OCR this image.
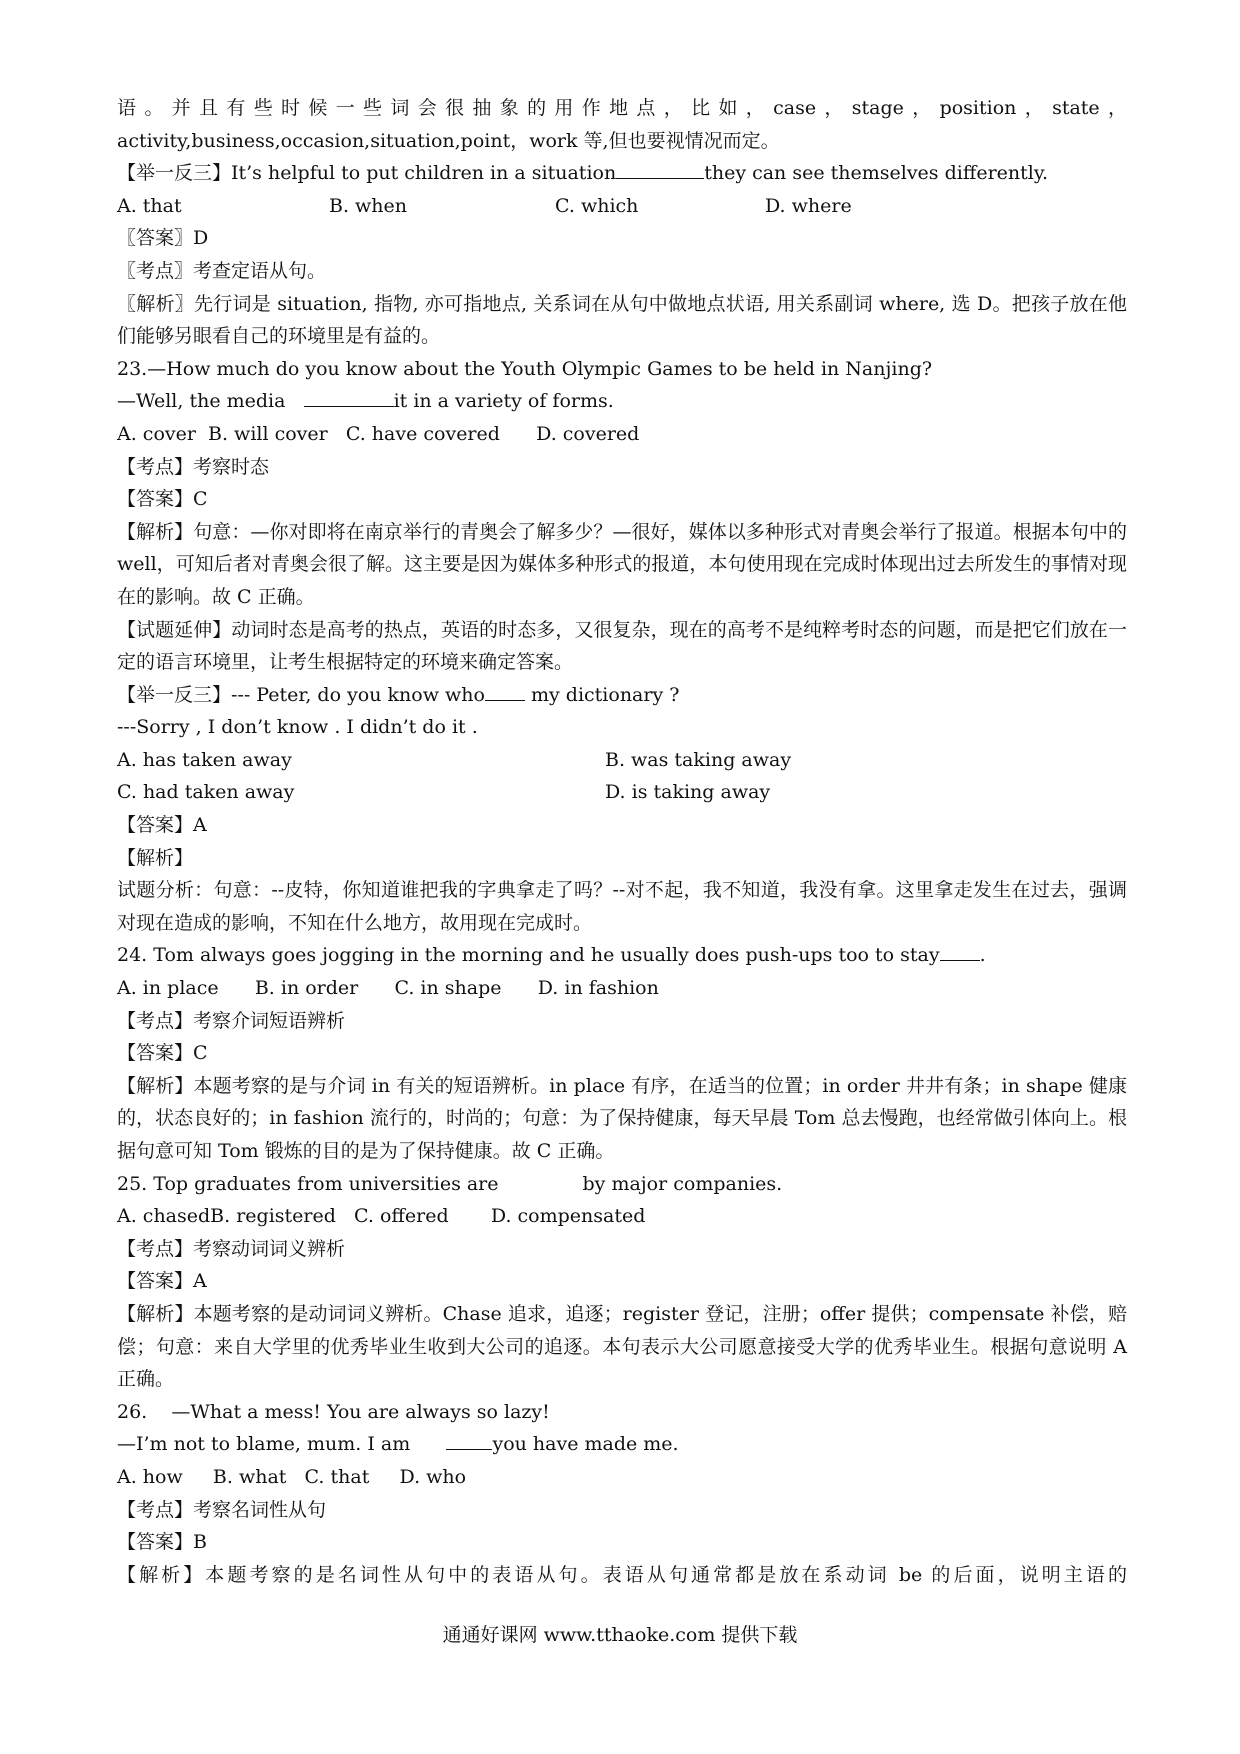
语。并且有些时候一些词会很抽象的用作地点，比如，case，stage，position，state，
activity,business,occasion,situation,point，work 等,但也要视情况而定。
【举一反三】It’s helpful to put children in a situation	they can see themselves differently.
A. that	B. when	C. which	D. where
〖答案〗D
〖考点〗考查定语从句。
〖解析〗先行词是 situation, 指物, 亦可指地点, 关系词在从句中做地点状语, 用关系副词 where, 选 D。把孩子放在他们能够另眼看自己的环境里是有益的。
23.—How much do you know about the Youth Olympic Games to be held in Nanjing?
—Well, the media	it in a variety of forms.
A. cover  B. will cover   C. have covered      D. covered
【考点】考察时态
【答案】C
【解析】句意：—你对即将在南京举行的青奥会了解多少？—很好，媒体以多种形式对青奥会举行了报道。根据本句中的 well，可知后者对青奥会很了解。这主要是因为媒体多种形式的报道，本句使用现在完成时体现出过去所发生的事情对现在的影响。故 C 正确。
【试题延伸】动词时态是高考的热点，英语的时态多，又很复杂，现在的高考不是纯粹考时态的问题，而是把它们放在一定的语言环境里，让考生根据特定的环境来确定答案。
【举一反三】--- Peter, do you know who my dictionary ?
---Sorry , I don’t know . I didn’t do it .
A. has taken away	B. was taking away
C. had taken away	D. is taking away
【答案】A
【解析】
试题分析：句意：--皮特，你知道谁把我的字典拿走了吗？--对不起，我不知道，我没有拿。这里拿走发生在过去，强调对现在造成的影响，不知在什么地方，故用现在完成时。
24. Tom always goes jogging in the morning and he usually does push-ups too to stay .
A. in place      B. in order      C. in shape      D. in fashion
【考点】考察介词短语辨析
【答案】C
【解析】本题考察的是与介词 in 有关的短语辨析。in place 有序，在适当的位置；in order 井井有条；in shape 健康的，状态良好的；in fashion 流行的，时尚的；句意：为了保持健康，每天早晨 Tom 总去慢跑，也经常做引体向上。根据句意可知 Tom 锻炼的目的是为了保持健康。故 C 正确。
25. Top graduates from universities are	by major companies.
A. chasedB. registered   C. offered       D. compensated
【考点】考察动词词义辨析
【答案】A
【解析】本题考察的是动词词义辨析。Chase 追求，追逐；register 登记，注册；offer 提供；compensate 补偿，赔偿；句意：来自大学里的优秀毕业生收到大公司的追逐。本句表示大公司愿意接受大学的优秀毕业生。根据句意说明 A 正确。
26.    —What a mess! You are always so lazy!
—I’m not to blame, mum. I am	you have made me.
A. how     B. what   C. that     D. who
【考点】考察名词性从句
【答案】B
【解析】本题考察的是名词性从句中的表语从句。表语从句通常都是放在系动词 be 的后面，说明主语的
通通好课网 www.tthaoke.com 提供下载
